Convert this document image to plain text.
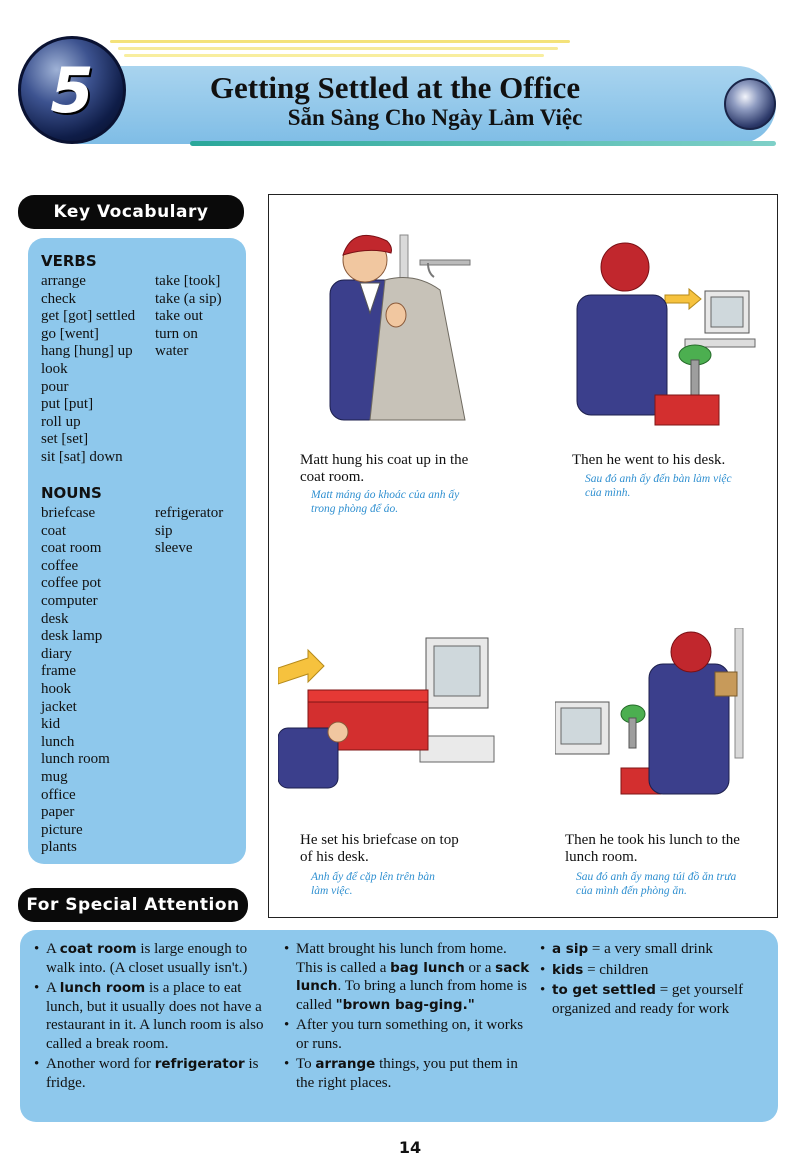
5	Getting Settled at the Office
Sẵn Sàng Cho Ngày Làm Việc
Key Vocabulary
VERBS
arrange
check
get [got] settled
go [went]
hang [hung] up
look
pour
put [put]
roll up
set [set]
sit [sat] down
take [took]
take (a sip)
take out
turn on
water
NOUNS
briefcase
coat
coat room
coffee
coffee pot
computer
desk
desk lamp
diary
frame
hook
jacket
kid
lunch
lunch room
mug
office
paper
picture
plants
refrigerator
sip
sleeve
Matt hung his coat up in the
coat room.
Matt máng áo khoác của anh ấy
trong phòng để áo.
Then he went to his desk.
Sau đó anh ấy đến bàn làm việc
của mình.
He set his briefcase on top
of his desk.
Anh ấy để cặp lên trên bàn
làm việc.
Then he took his lunch to the
lunch room.
Sau đó anh ấy mang túi đồ ăn trưa
của mình đến phòng ăn.
For Special Attention
• A coat room is large enough to walk into. (A closet usually isn't.)
• A lunch room is a place to eat lunch, but it usually does not have a restaurant in it. A lunch room is also called a break room.
• Another word for refrigerator is fridge.
• Matt brought his lunch from home. This is called a bag lunch or a sack lunch. To bring a lunch from home is called "brown bag-ging."
• After you turn something on, it works or runs.
• To arrange things, you put them in the right places.
• a sip = a very small drink
• kids = children
• to get settled = get yourself organized and ready for work
14
